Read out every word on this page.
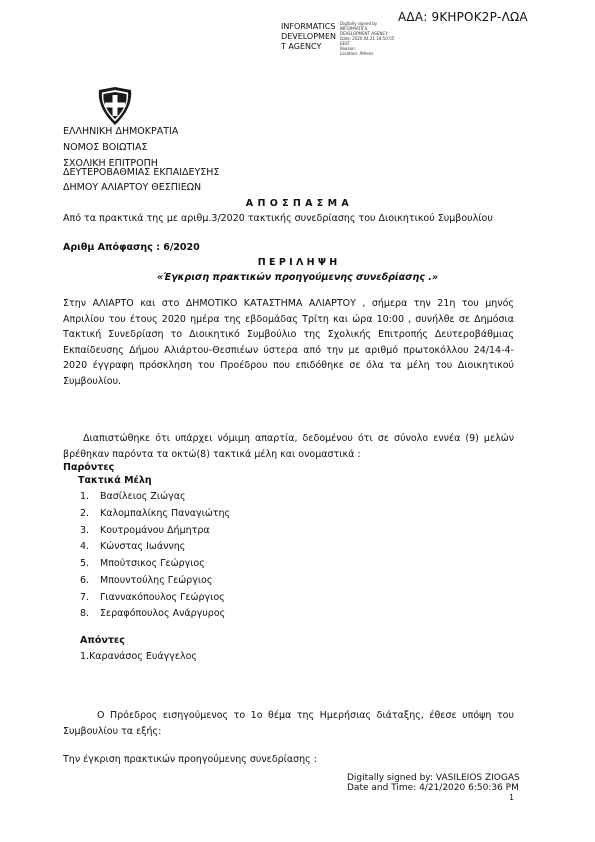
ΑΔΑ: 9ΚΗΡΟΚ2Ρ-ΛΩΑ
INFORMATICS
DEVELOPMEN
T AGENCY
Digitally signed by
INFORMATICS
DEVELOPMENT AGENCY
Date: 2020.04.21 18:50:55
EEST
Reason:
Location: Athens
ΕΛΛΗΝΙΚΗ ΔΗΜΟΚΡΑΤΙΑ
ΝΟΜΟΣ ΒΟΙΩΤΙΑΣ
ΣΧΟΛΙΚΗ ΕΠΙΤΡΟΠΗ
ΔΕΥΤΕΡΟΒΑΘΜΙΑΣ ΕΚΠΑΙΔΕΥΣΗΣ
ΔΗΜΟΥ ΑΛΙΑΡΤΟΥ ΘΕΣΠΙΕΩΝ
Α Π Ο Σ Π Α Σ Μ Α
Από τα πρακτικά της με αριθμ.3/2020 τακτικής συνεδρίασης του Διοικητικού Συμβουλίου
Αριθμ Απόφασης : 6/2020
Π Ε Ρ Ι Λ Η Ψ Η
«Έγκριση πρακτικών προηγούμενης συνεδρίασης .»
Στην ΑΛΙΑΡΤΟ και στο ΔΗΜΟΤΙΚΟ ΚΑΤΑΣΤΗΜΑ ΑΛΙΑΡΤΟΥ , σήμερα την 21η του μηνός Απριλίου του έτους 2020 ημέρα της εβδομάδας Τρίτη και ώρα 10:00 , συνήλθε σε Δημόσια Τακτική Συνεδρίαση το Διοικητικό Συμβούλιο της Σχολικής Επιτροπής Δευτεροβάθμιας Εκπαίδευσης Δήμου Αλιάρτου-Θεσπιέων ύστερα από την με αριθμό πρωτοκόλλου 24/14-4-2020 έγγραφη πρόσκληση του Προέδρου που επιδόθηκε σε όλα τα μέλη του Διοικητικού Συμβουλίου.
Διαπιστώθηκε ότι υπάρχει νόμιμη απαρτία, δεδομένου ότι σε σύνολο εννέα (9) μελών βρέθηκαν παρόντα τα οκτώ(8) τακτικά μέλη και ονομαστικά :
Παρόντες
Τακτικά Μέλη
1. Βασίλειος Ζιώγας
2. Καλομπαλίκης Παναγιώτης
3. Κουτρομάνου Δήμητρα
4. Κώνστας Ιωάννης
5. Μπούτσικος Γεώργιος
6. Μπουντούλης Γεώργιος
7. Γιαννακόπουλος Γεώργιος
8. Σεραφόπουλος Ανάργυρος
Απόντες
1.Καρανάσος Ευάγγελος
Ο Πρόεδρος εισηγούμενος το 1ο θέμα της Ημερήσιας διάταξης, έθεσε υπόψη του Συμβουλίου τα εξής:
Την έγκριση πρακτικών προηγούμενης συνεδρίασης :
Digitally signed by: VASILEIOS ZIOGAS
Date and Time: 4/21/2020 6:50:36 PM
1
